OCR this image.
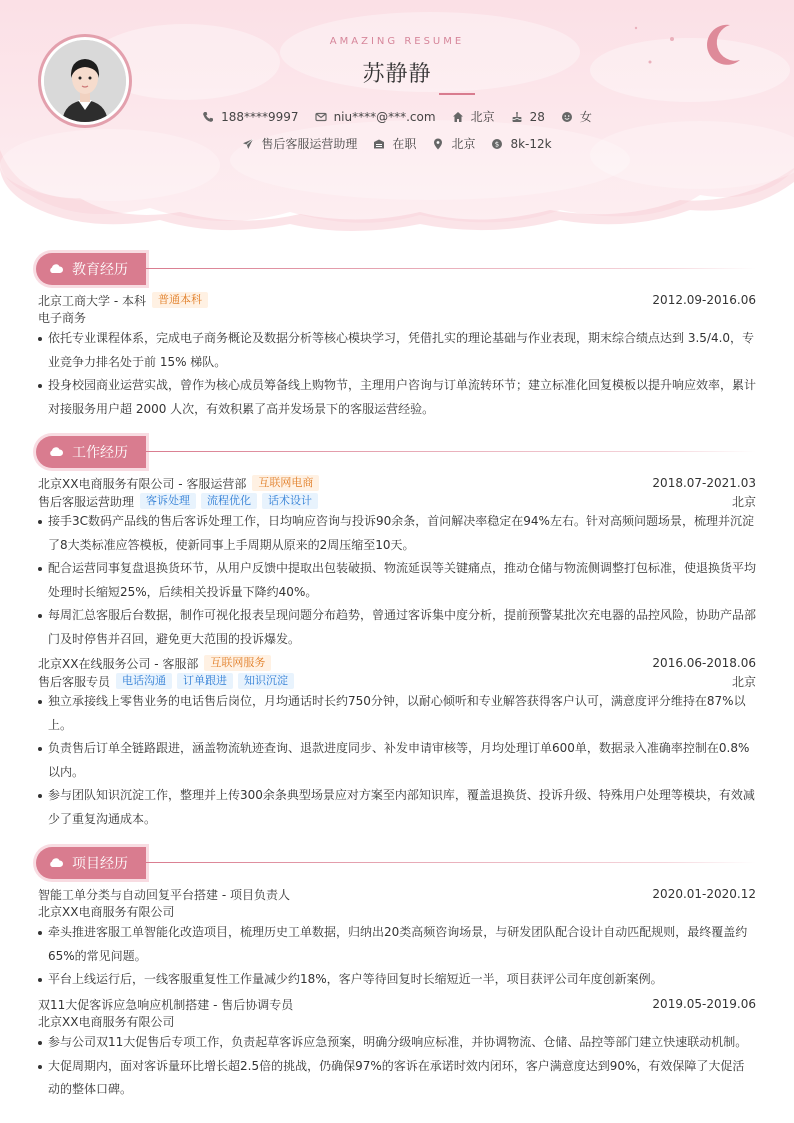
AMAZING RESUME
苏静静
188****9997	niu****@***.com	北京	28	女
售后客服运营助理	在职	北京	$ 8k-12k
教育经历
北京工商大学 - 本科	普通本科	2012.09-2016.06
电子商务
依托专业课程体系，完成电子商务概论及数据分析等核心模块学习，凭借扎实的理论基础与作业表现，期末综合绩点达到 3.5/4.0，专业竞争力排名处于前 15% 梯队。
投身校园商业运营实战，曾作为核心成员筹备线上购物节，主理用户咨询与订单流转环节；建立标准化回复模板以提升响应效率，累计对接服务用户超 2000 人次，有效积累了高并发场景下的客服运营经验。
工作经历
北京XX电商服务有限公司 - 客服运营部	互联网电商	2018.07-2021.03
售后客服运营助理	客诉处理	流程优化	话术设计	北京
接手3C数码产品线的售后客诉处理工作，日均响应咨询与投诉90余条，首问解决率稳定在94%左右。针对高频问题场景，梳理并沉淀了8大类标准应答模板，使新同事上手周期从原来的2周压缩至10天。
配合运营同事复盘退换货环节，从用户反馈中提取出包装破损、物流延误等关键痛点，推动仓储与物流侧调整打包标准，使退换货平均处理时长缩短25%，后续相关投诉量下降约40%。
每周汇总客服后台数据，制作可视化报表呈现问题分布趋势，曾通过客诉集中度分析，提前预警某批次充电器的品控风险，协助产品部门及时停售并召回，避免更大范围的投诉爆发。
北京XX在线服务公司 - 客服部	互联网服务	2016.06-2018.06
售后客服专员	电话沟通	订单跟进	知识沉淀	北京
独立承接线上零售业务的电话售后岗位，月均通话时长约750分钟，以耐心倾听和专业解答获得客户认可，满意度评分维持在87%以上。
负责售后订单全链路跟进，涵盖物流轨迹查询、退款进度同步、补发申请审核等，月均处理订单600单，数据录入准确率控制在0.8%以内。
参与团队知识沉淀工作，整理并上传300余条典型场景应对方案至内部知识库，覆盖退换货、投诉升级、特殊用户处理等模块，有效减少了重复沟通成本。
项目经历
智能工单分类与自动回复平台搭建 - 项目负责人	2020.01-2020.12
北京XX电商服务有限公司
牵头推进客服工单智能化改造项目，梳理历史工单数据，归纳出20类高频咨询场景，与研发团队配合设计自动匹配规则，最终覆盖约65%的常见问题。
平台上线运行后，一线客服重复性工作量减少约18%，客户等待回复时长缩短近一半，项目获评公司年度创新案例。
双11大促客诉应急响应机制搭建 - 售后协调专员	2019.05-2019.06
北京XX电商服务有限公司
参与公司双11大促售后专项工作，负责起草客诉应急预案，明确分级响应标准，并协调物流、仓储、品控等部门建立快速联动机制。
大促周期内，面对客诉量环比增长超2.5倍的挑战，仍确保97%的客诉在承诺时效内闭环，客户满意度达到90%，有效保障了大促活动的整体口碑。
